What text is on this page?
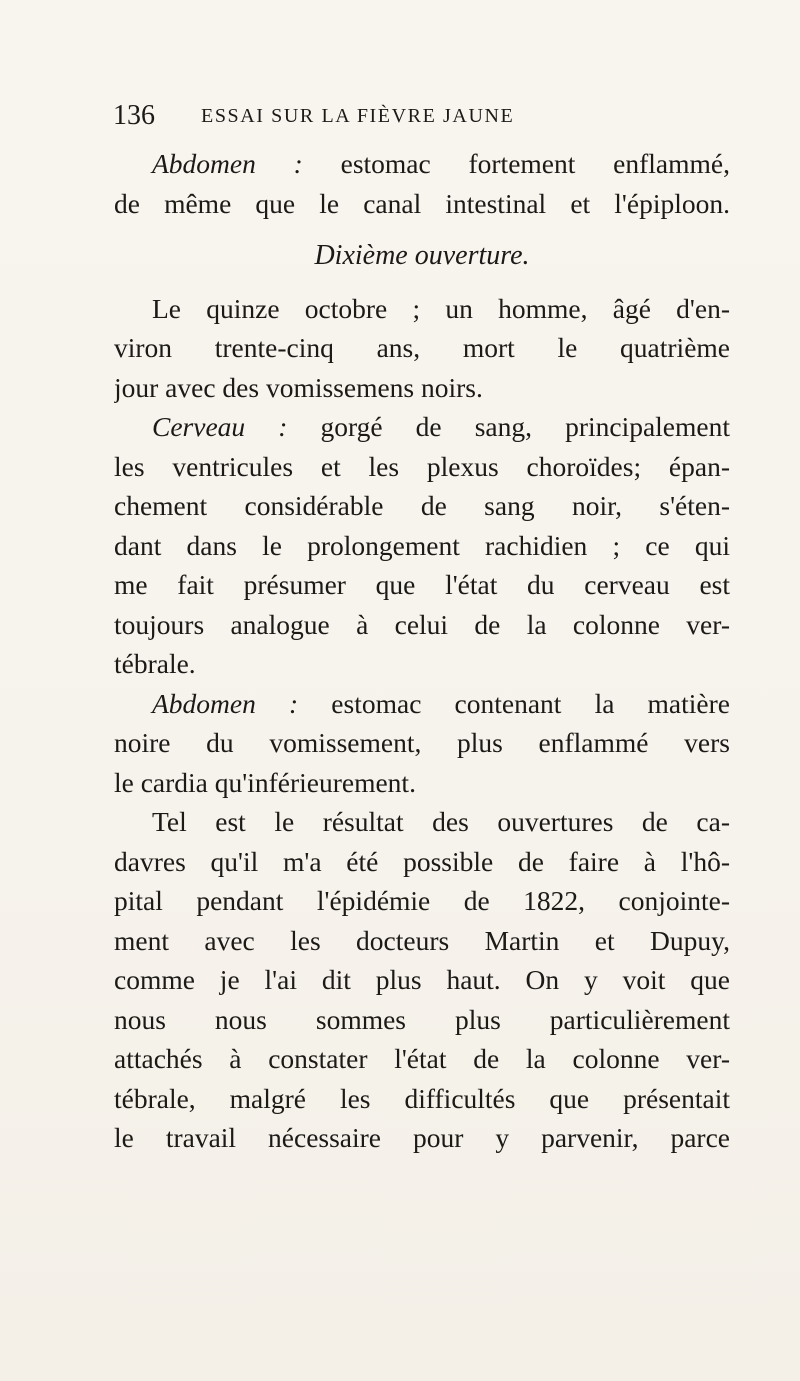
136 ESSAI SUR LA FIÈVRE JAUNE
Abdomen : estomac fortement enflammé,
de même que le canal intestinal et l'épiploon.
Dixième ouverture.
Le quinze octobre ; un homme, âgé d'en-
viron trente-cinq ans, mort le quatrième
jour avec des vomissemens noirs.
Cerveau : gorgé de sang, principalement
les ventricules et les plexus choroïdes; épan-
chement considérable de sang noir, s'éten-
dant dans le prolongement rachidien ; ce qui
me fait présumer que l'état du cerveau est
toujours analogue à celui de la colonne ver-
tébrale.
Abdomen : estomac contenant la matière
noire du vomissement, plus enflammé vers
le cardia qu'inférieurement.
Tel est le résultat des ouvertures de ca-
davres qu'il m'a été possible de faire à l'hô-
pital pendant l'épidémie de 1822, conjointe-
ment avec les docteurs Martin et Dupuy,
comme je l'ai dit plus haut. On y voit que
nous nous sommes plus particulièrement
attachés à constater l'état de la colonne ver-
tébrale, malgré les difficultés que présentait
le travail nécessaire pour y parvenir, parce
